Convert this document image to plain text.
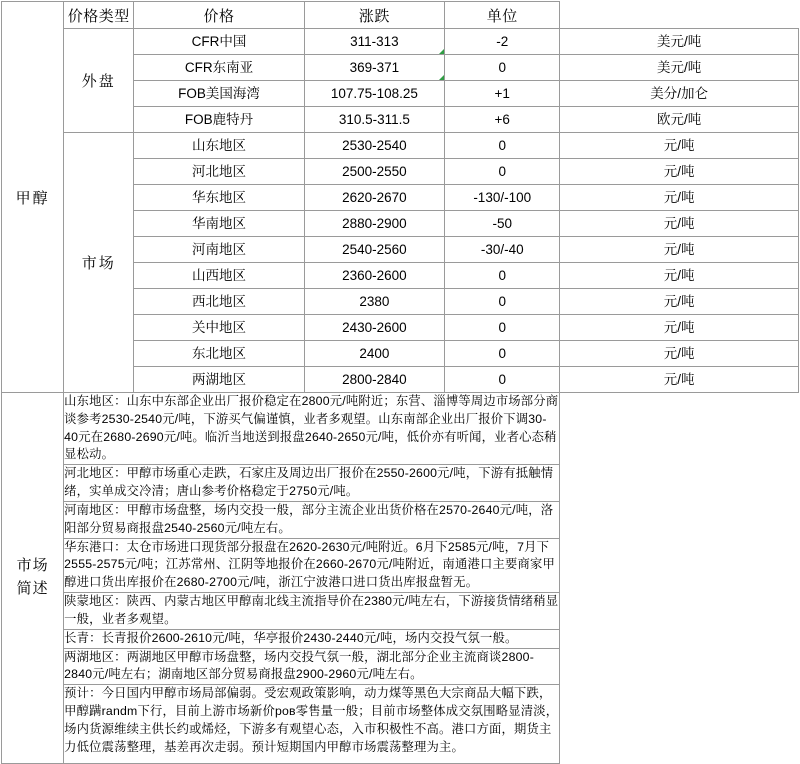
甲醇	价格类型	价格	涨跌	单位	
	外盘	CFR中国	311-313	-2	美元/吨
		CFR东南亚	369-371	0	美元/吨
		FOB美国海湾	107.75-108.25	+1	美分/加仑
		FOB鹿特丹	310.5-311.5	+6	欧元/吨
	市场	山东地区	2530-2540	0	元/吨
		河北地区	2500-2550	0	元/吨
		华东地区	2620-2670	-130/-100	元/吨
		华南地区	2880-2900	-50	元/吨
		河南地区	2540-2560	-30/-40	元/吨
		山西地区	2360-2600	0	元/吨
		西北地区	2380	0	元/吨
		关中地区	2430-2600	0	元/吨
		东北地区	2400	0	元/吨
		两湖地区	2800-2840	0	元/吨

市场
简述	山东地区：山东中东部企业出厂报价稳定在2800元/吨附近；东营、淄博等周边市场部分商谈参考2530-2540元/吨，下游买气偏谨慎，业者多观望。山东南部企业出厂报价下调30-40元在2680-2690元/吨。临沂当地送到报盘2640-2650元/吨，低价亦有听闻，业者心态稍显松动。				
	河北地区：甲醇市场重心走跌，石家庄及周边出厂报价在2550-2600元/吨，下游有抵触情绪，实单成交冷清；唐山参考价格稳定于2750元/吨。				
	河南地区：甲醇市场盘整，场内交投一般，部分主流企业出货价格在2570-2640元/吨，洛阳部分贸易商报盘2540-2560元/吨左右。				
	华东港口：太仓市场进口现货部分报盘在2620-2630元/吨附近。6月下2585元/吨，7月下2555-2575元/吨；江苏常州、江阴等地报价在2660-2670元/吨附近，南通港口主要商家甲醇进口货出库报价在2680-2700元/吨，浙江宁波港口进口货出库报盘暂无。				
	陕蒙地区：陕西、内蒙古地区甲醇南北线主流指导价在2380元/吨左右，下游接货情绪稍显一般，业者多观望。				
	长青：长青报价2600-2610元/吨，华亭报价2430-2440元/吨，场内交投气氛一般。				
	两湖地区：两湖地区甲醇市场盘整，场内交投气氛一般，湖北部分企业主流商谈2800-2840元/吨左右；湖南地区部分贸易商报盘2900-2960元/吨左右。				
	预计：今日国内甲醇市场局部偏弱。受宏观政策影响，动力煤等黑色大宗商品大幅下跌，甲醇蹒randm下行，目前上游市场新价ров零售量一般；目前市场整体成交氛围略显清淡，场内货源维续主供长约或烯烃，下游多有观望心态，入市积极性不高。港口方面，期货主力低位震荡整理，基差再次走弱。预计短期国内甲醇市场震荡整理为主。				
